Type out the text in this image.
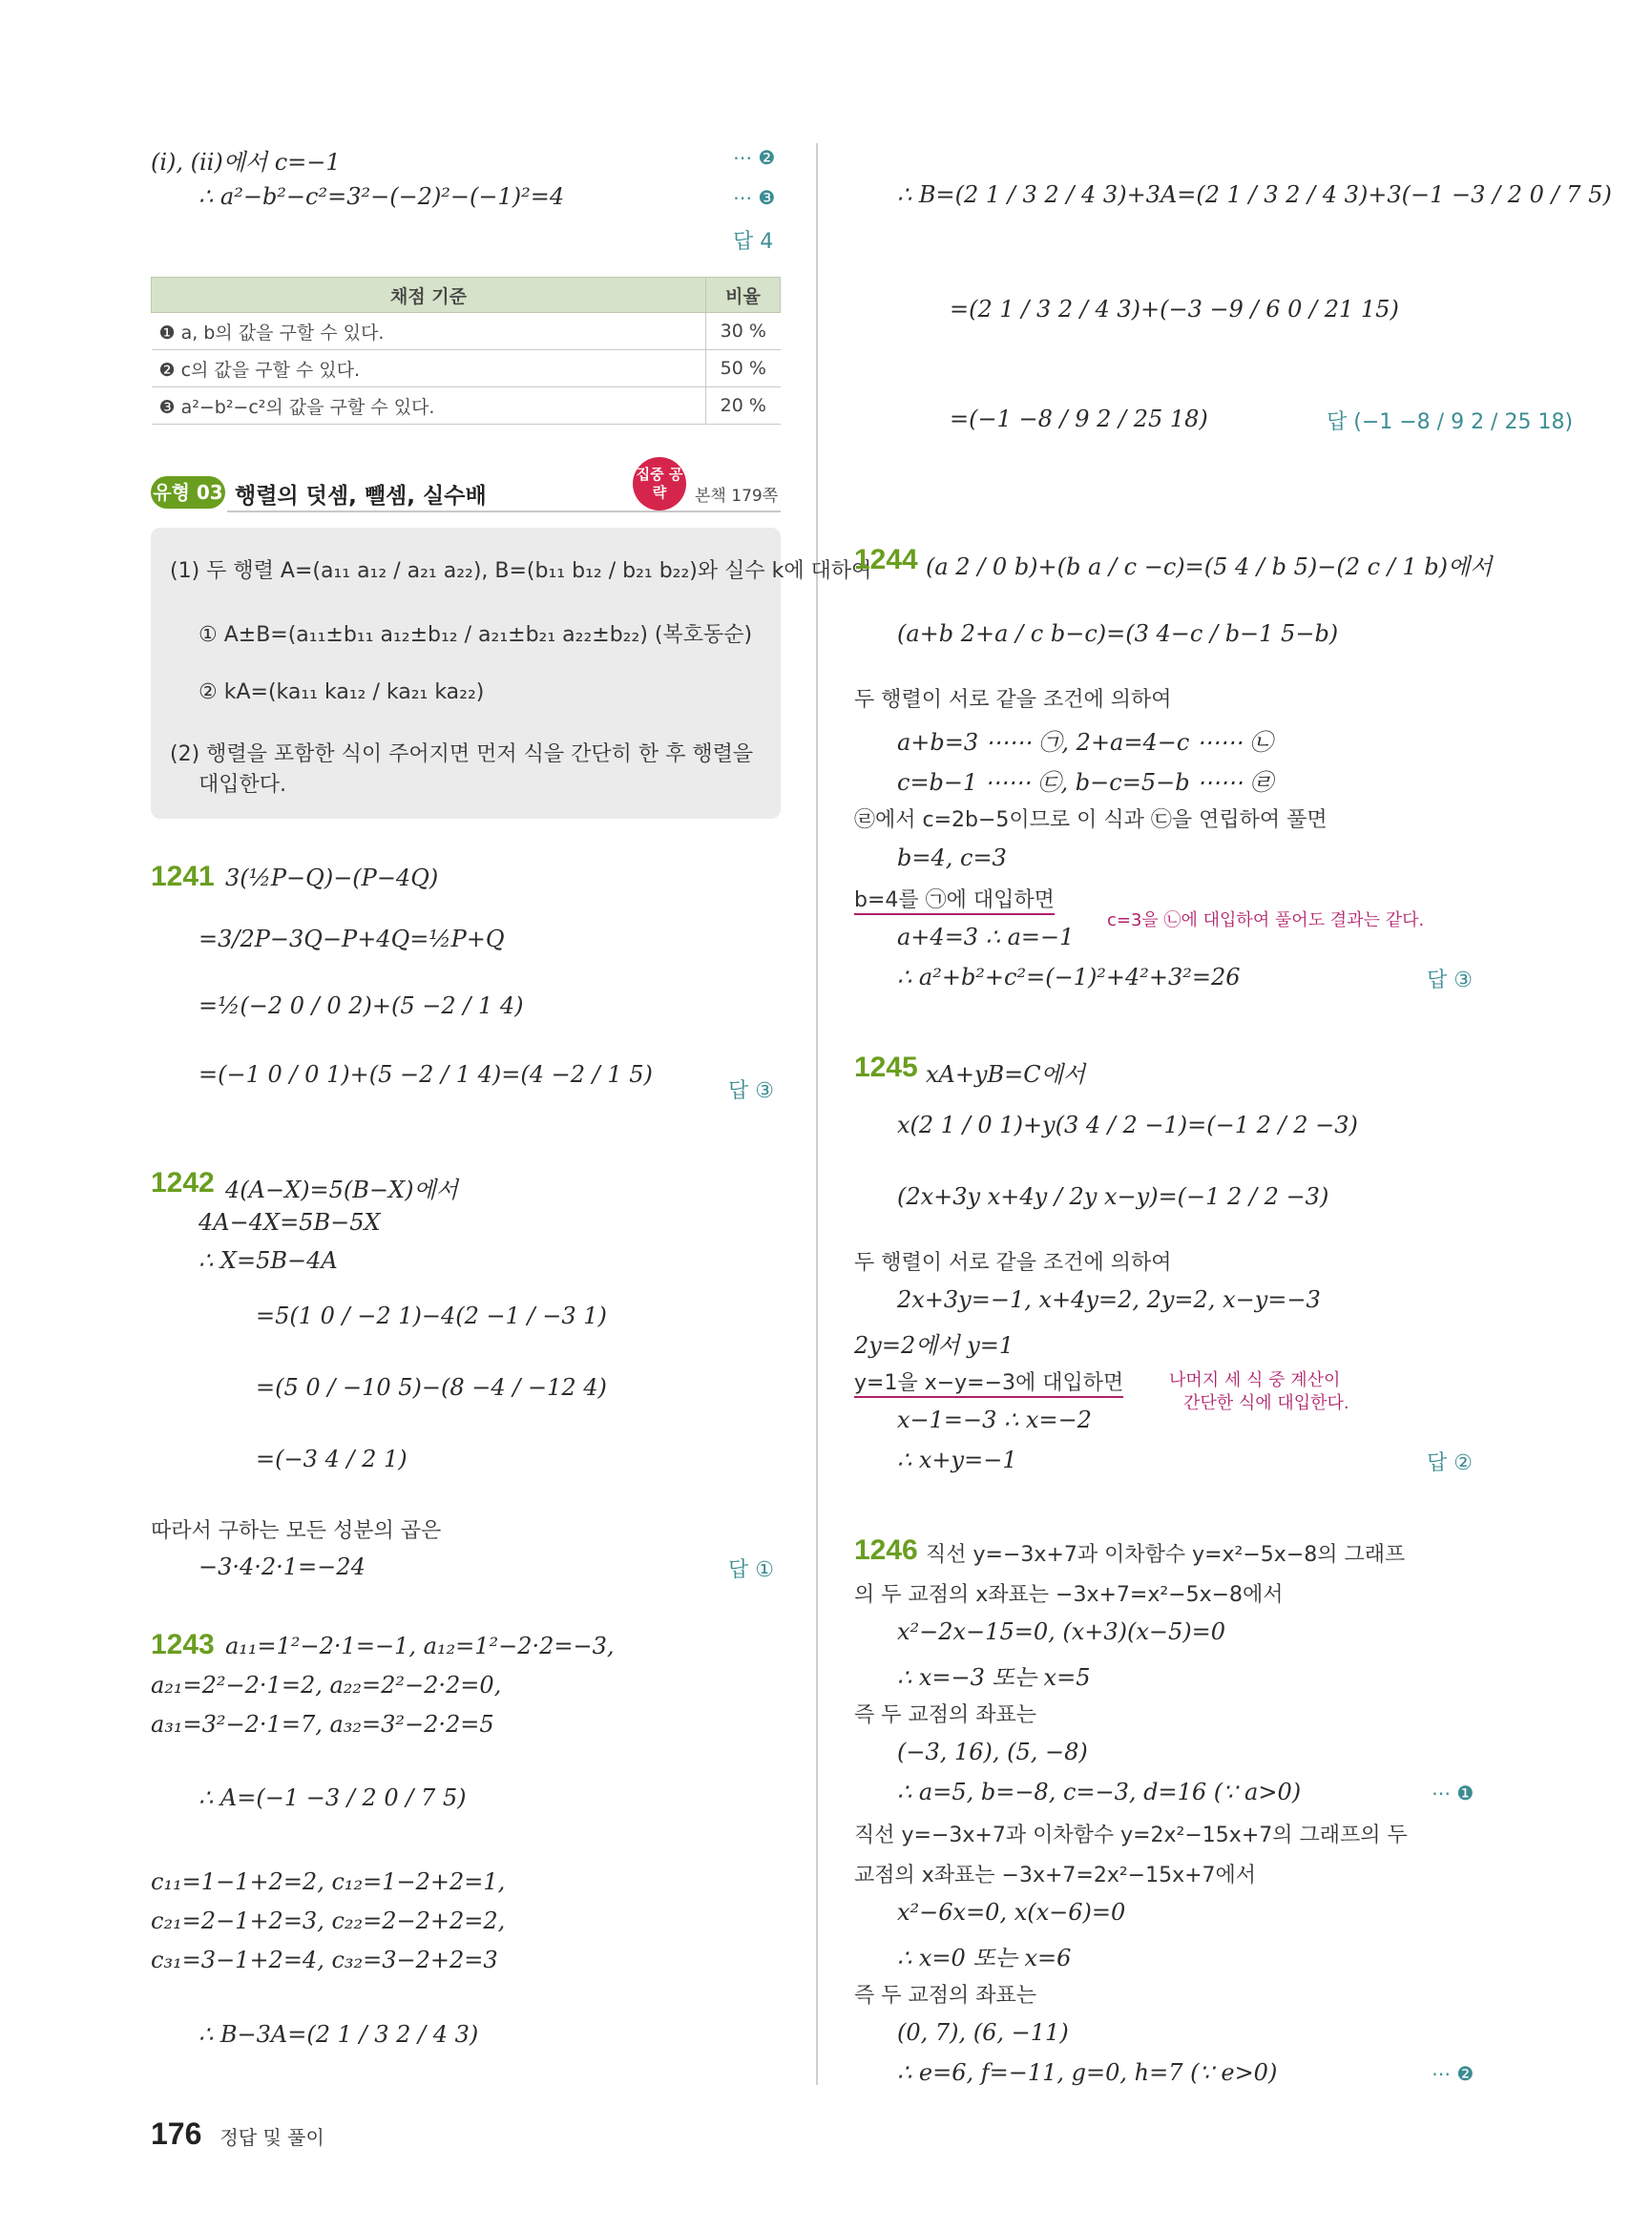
(ⅰ), (ⅱ)에서 c=−1	⋯ ❷
∴ a²−b²−c²=3²−(−2)²−(−1)²=4	⋯ ❸
답 4
채점 기준	비율
❶ a, b의 값을 구할 수 있다.	30 %
❷ c의 값을 구할 수 있다.	50 %
❸ a²−b²−c²의 값을 구할 수 있다.	20 %
유형 03 행렬의 덧셈, 뺄셈, 실수배
집중 공략	본책 179쪽
(1) 두 행렬 A=(a₁₁ a₁₂ / a₂₁ a₂₂), B=(b₁₁ b₁₂ / b₂₁ b₂₂)와 실수 k에 대하여
① A±B=(a₁₁±b₁₁ a₁₂±b₁₂ / a₂₁±b₂₁ a₂₂±b₂₂) (복호동순)
② kA=(ka₁₁ ka₁₂ / ka₂₁ ka₂₂)
(2) 행렬을 포함한 식이 주어지면 먼저 식을 간단히 한 후 행렬을
대입한다.
1241 3(½P−Q)−(P−4Q)
=3/2P−3Q−P+4Q=½P+Q
=½(−2 0 / 0 2)+(5 −2 / 1 4)
=(−1 0 / 0 1)+(5 −2 / 1 4)=(4 −2 / 1 5)
답 ③
1242 4(A−X)=5(B−X)에서
4A−4X=5B−5X
∴ X=5B−4A
=5(1 0 / −2 1)−4(2 −1 / −3 1)
=(5 0 / −10 5)−(8 −4 / −12 4)
=(−3 4 / 2 1)
따라서 구하는 모든 성분의 곱은
−3·4·2·1=−24	답 ①
1243 a₁₁=1²−2·1=−1, a₁₂=1²−2·2=−3,
a₂₁=2²−2·1=2, a₂₂=2²−2·2=0,
a₃₁=3²−2·1=7, a₃₂=3²−2·2=5
∴ A=(−1 −3 / 2 0 / 7 5)
c₁₁=1−1+2=2, c₁₂=1−2+2=1,
c₂₁=2−1+2=3, c₂₂=2−2+2=2,
c₃₁=3−1+2=4, c₃₂=3−2+2=3
∴ B−3A=(2 1 / 3 2 / 4 3)
∴ B=(2 1 / 3 2 / 4 3)+3A=(2 1 / 3 2 / 4 3)+3(−1 −3 / 2 0 / 7 5)
=(2 1 / 3 2 / 4 3)+(−3 −9 / 6 0 / 21 15)
=(−1 −8 / 9 2 / 25 18)	답 (−1 −8 / 9 2 / 25 18)
1244 (a 2 / 0 b)+(b a / c −c)=(5 4 / b 5)−(2 c / 1 b)에서
(a+b 2+a / c b−c)=(3 4−c / b−1 5−b)
두 행렬이 서로 같을 조건에 의하여
a+b=3 ⋯⋯ ㉠, 2+a=4−c ⋯⋯ ㉡
c=b−1 ⋯⋯ ㉢, b−c=5−b ⋯⋯ ㉣
㉣에서 c=2b−5이므로 이 식과 ㉢을 연립하여 풀면
b=4, c=3
b=4를 ㉠에 대입하면
c=3을 ㉡에 대입하여 풀어도 결과는 같다.
a+4=3 ∴ a=−1
∴ a²+b²+c²=(−1)²+4²+3²=26	답 ③
1245 xA+yB=C에서
x(2 1 / 0 1)+y(3 4 / 2 −1)=(−1 2 / 2 −3)
(2x+3y x+4y / 2y x−y)=(−1 2 / 2 −3)
두 행렬이 서로 같을 조건에 의하여
2x+3y=−1, x+4y=2, 2y=2, x−y=−3
2y=2에서 y=1
y=1을 x−y=−3에 대입하면	나머지 세 식 중 계산이
간단한 식에 대입한다.
x−1=−3 ∴ x=−2
∴ x+y=−1	답 ②
1246 직선 y=−3x+7과 이차함수 y=x²−5x−8의 그래프
의 두 교점의 x좌표는 −3x+7=x²−5x−8에서
x²−2x−15=0, (x+3)(x−5)=0
∴ x=−3 또는 x=5
즉 두 교점의 좌표는
(−3, 16), (5, −8)
∴ a=5, b=−8, c=−3, d=16 (∵ a>0)	⋯ ❶
직선 y=−3x+7과 이차함수 y=2x²−15x+7의 그래프의 두
교점의 x좌표는 −3x+7=2x²−15x+7에서
x²−6x=0, x(x−6)=0
∴ x=0 또는 x=6
즉 두 교점의 좌표는
(0, 7), (6, −11)
∴ e=6, f=−11, g=0, h=7 (∵ e>0)	⋯ ❷
176 정답 및 풀이
